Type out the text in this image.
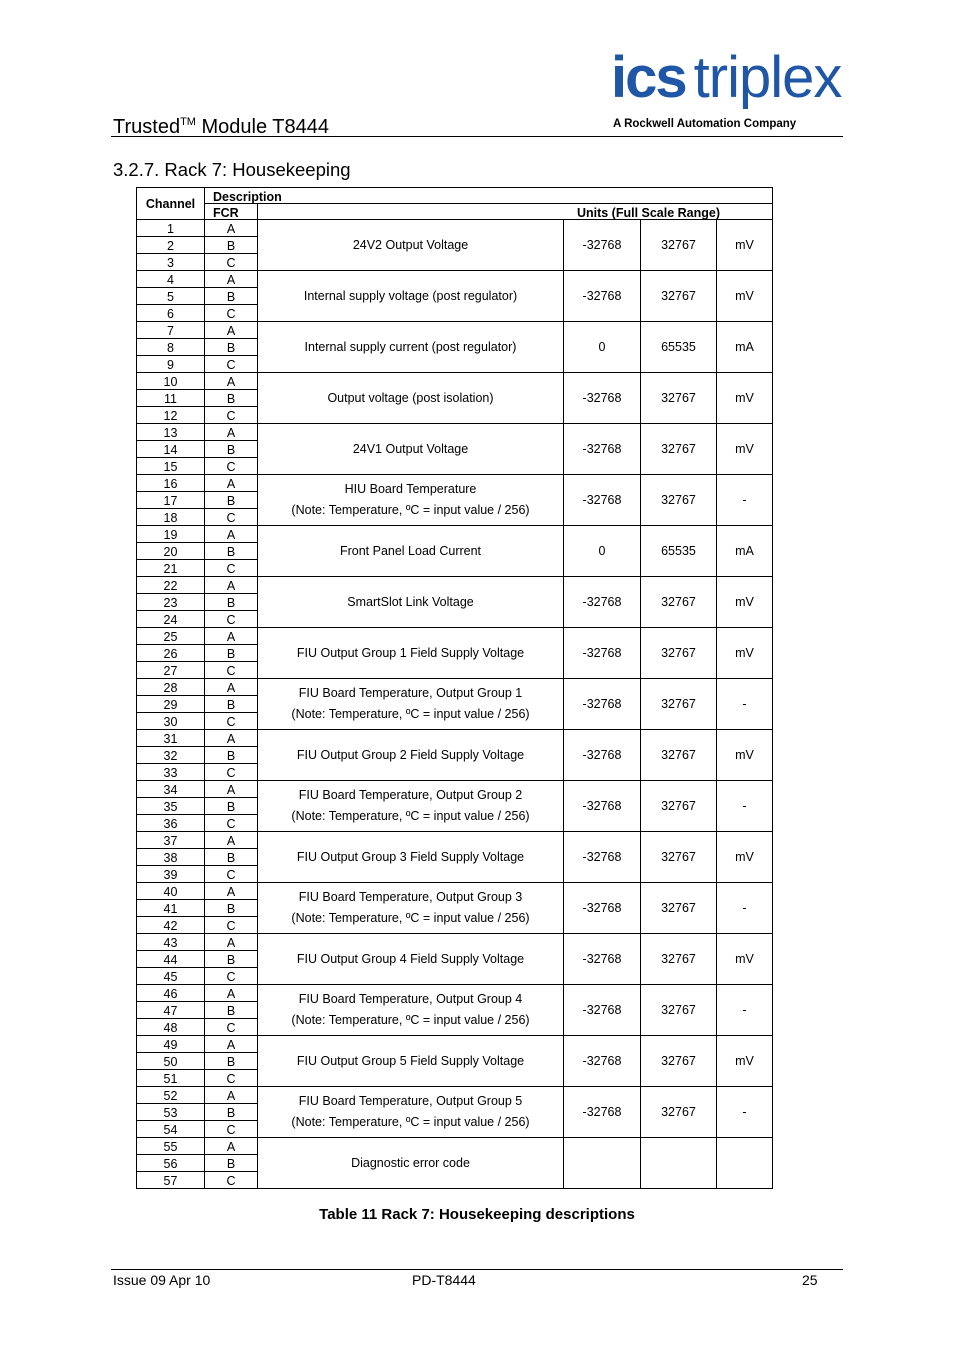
Trusted™ Module T8444
ics triplex
A Rockwell Automation Company
3.2.7. Rack 7: Housekeeping
Channel	Description				
	FCR	Units (Full Scale Range)			
1	A	24V2 Output Voltage	-32768	32767	mV
2	B				
3	C				
4	A	Internal supply voltage (post regulator)	-32768	32767	mV
5	B				
6	C				
7	A	Internal supply current (post regulator)	0	65535	mA
8	B				
9	C				
10	A	Output voltage (post isolation)	-32768	32767	mV
11	B				
12	C				
13	A	24V1 Output Voltage	-32768	32767	mV
14	B				
15	C				
16	A	HIU Board Temperature
(Note: Temperature, ºC = input value / 256)	-32768	32767	-
17	B				
18	C				
19	A	Front Panel Load Current	0	65535	mA
20	B				
21	C				
22	A	SmartSlot Link Voltage	-32768	32767	mV
23	B				
24	C				
25	A	FIU Output Group 1 Field Supply Voltage	-32768	32767	mV
26	B				
27	C				
28	A	FIU Board Temperature, Output Group 1
(Note: Temperature, ºC = input value / 256)	-32768	32767	-
29	B				
30	C				
31	A	FIU Output Group 2 Field Supply Voltage	-32768	32767	mV
32	B				
33	C				
34	A	FIU Board Temperature, Output Group 2
(Note: Temperature, ºC = input value / 256)	-32768	32767	-
35	B				
36	C				
37	A	FIU Output Group 3 Field Supply Voltage	-32768	32767	mV
38	B				
39	C				
40	A	FIU Board Temperature, Output Group 3
(Note: Temperature, ºC = input value / 256)	-32768	32767	-
41	B				
42	C				
43	A	FIU Output Group 4 Field Supply Voltage	-32768	32767	mV
44	B				
45	C				
46	A	FIU Board Temperature, Output Group 4
(Note: Temperature, ºC = input value / 256)	-32768	32767	-
47	B				
48	C				
49	A	FIU Output Group 5 Field Supply Voltage	-32768	32767	mV
50	B				
51	C				
52	A	FIU Board Temperature, Output Group 5
(Note: Temperature, ºC = input value / 256)	-32768	32767	-
53	B				
54	C				
55	A	Diagnostic error code			

56	B				
57	C				
Table 11 Rack 7: Housekeeping descriptions
Issue 09 Apr 10	PD-T8444	25
